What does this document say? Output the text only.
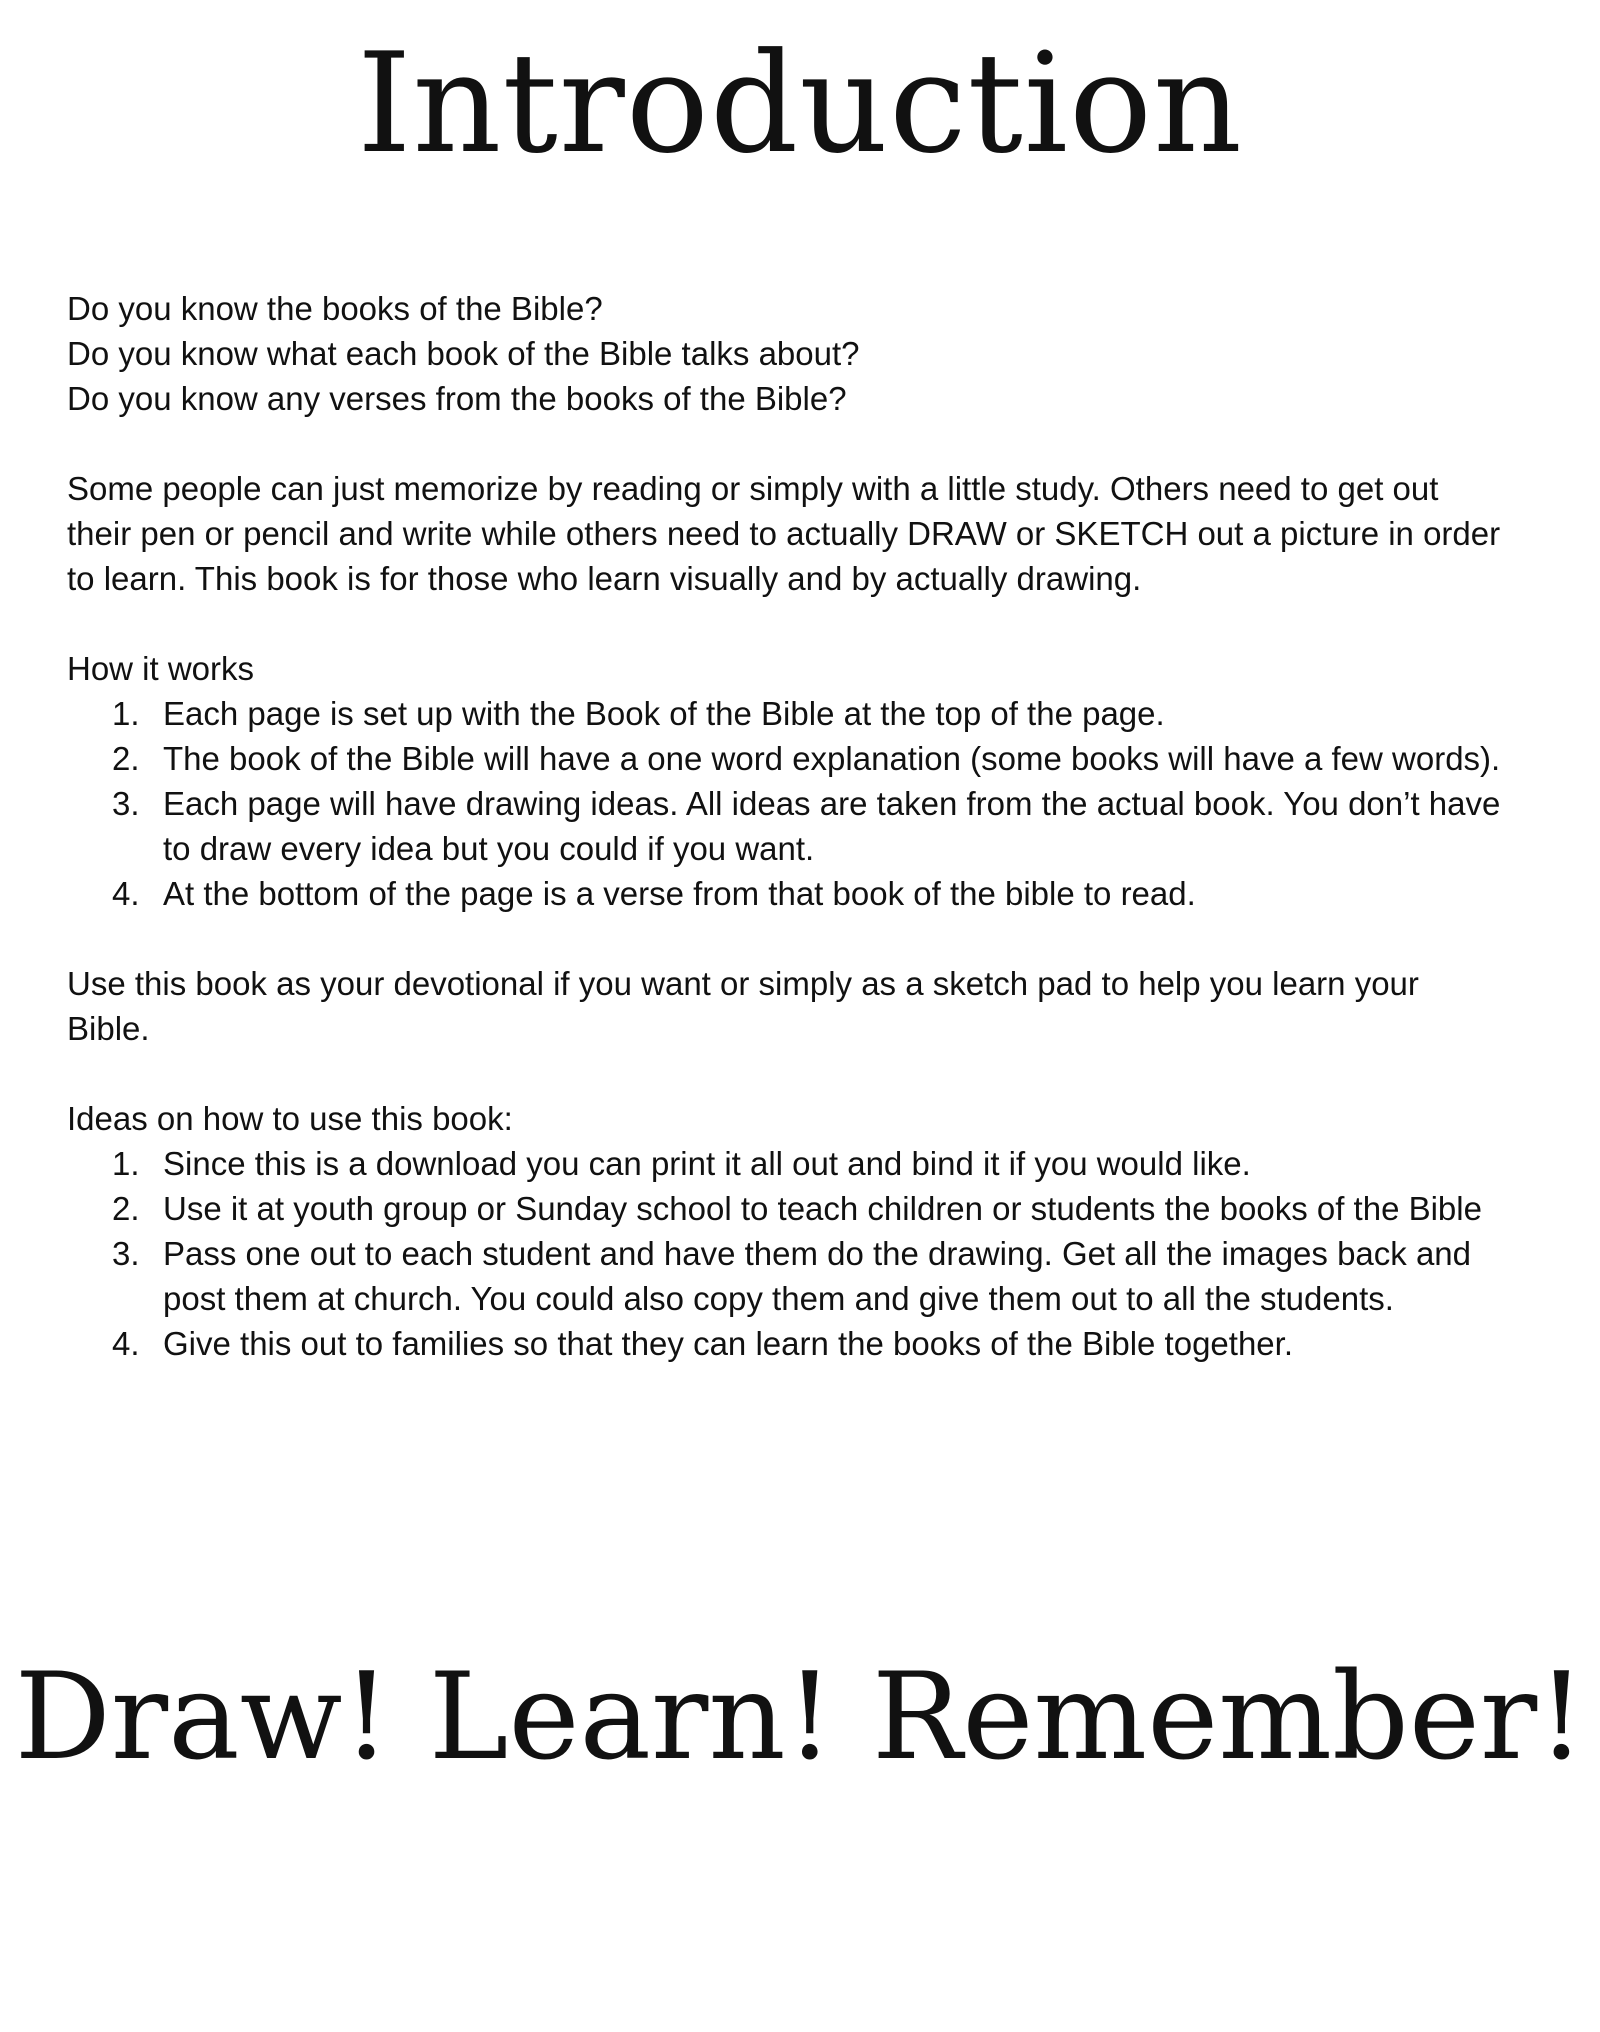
Introduction

Do you know the books of the Bible?

Do you know what each book of the Bible talks about?

Do you know any verses from the books of the Bible?

Some people can just memorize by reading or simply with a little study. Others need to get out their pen or pencil and write while others need to actually DRAW or SKETCH out a picture in order to learn. This book is for those who learn visually and by actually drawing.

How it works

1. Each page is set up with the Book of the Bible at the top of the page.
2. The book of the Bible will have a one word explanation (some books will have a few words).
3. Each page will have drawing ideas. All ideas are taken from the actual book. You don’t have to draw every idea but you could if you want.
4. At the bottom of the page is a verse from that book of the bible to read.

Use this book as your devotional if you want or simply as a sketch pad to help you learn your Bible.

Ideas on how to use this book:

1. Since this is a download you can print it all out and bind it if you would like.
2. Use it at youth group or Sunday school to teach children or students the books of the Bible
3. Pass one out to each student and have them do the drawing. Get all the images back and post them at church. You could also copy them and give them out to all the students.
4. Give this out to families so that they can learn the books of the Bible together.
Draw! Learn! Remember!
